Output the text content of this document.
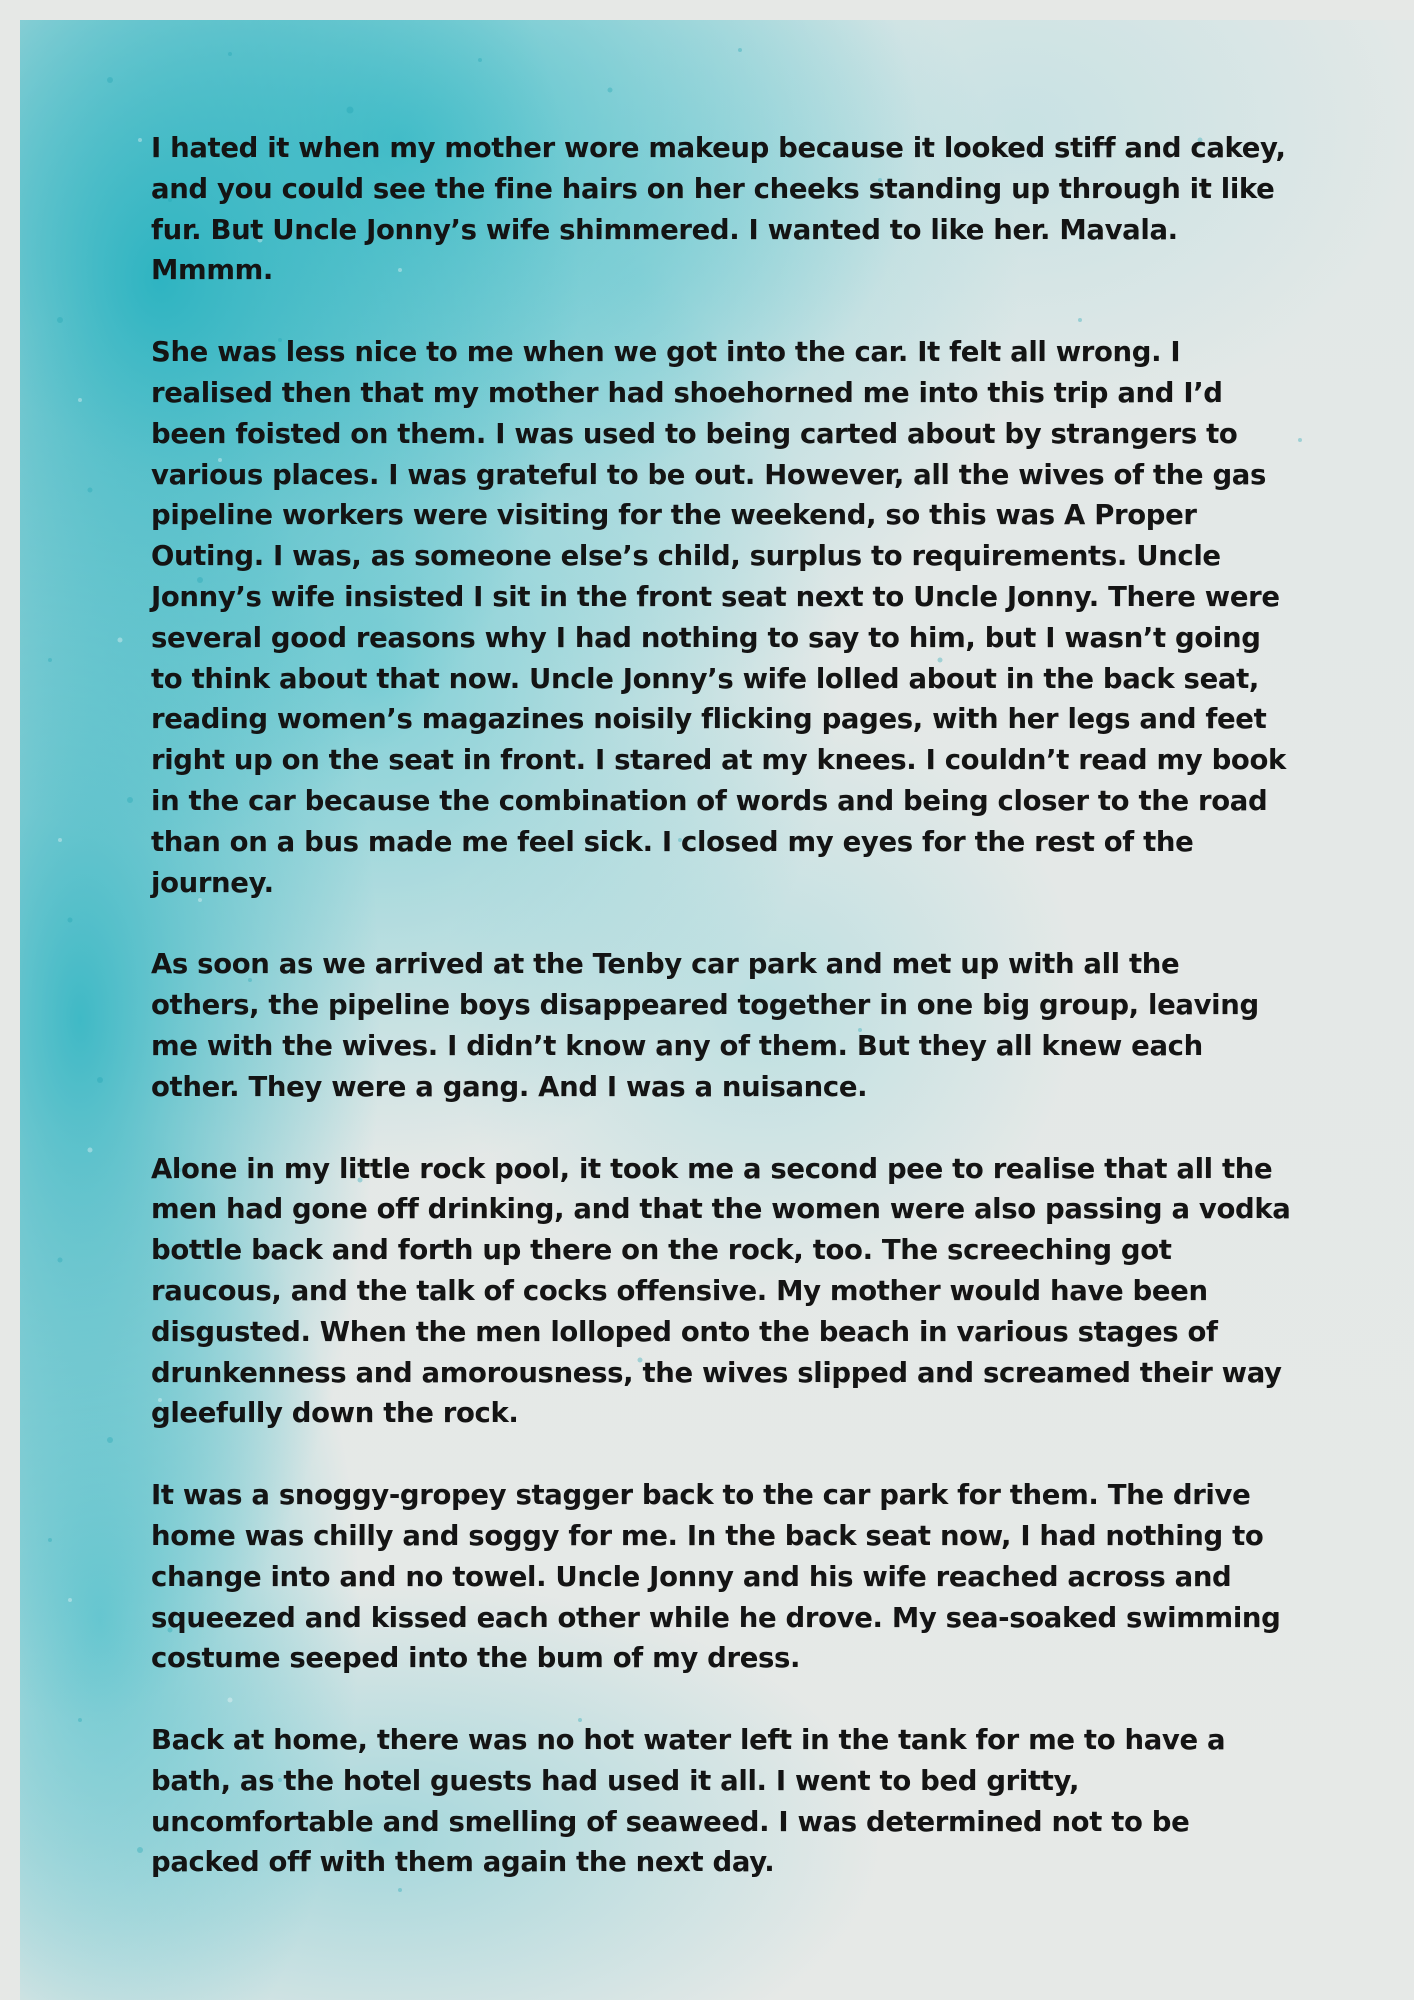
I hated it when my mother wore makeup because it looked stiff and cakey, and you could see the fine hairs on her cheeks standing up through it like fur. But Uncle Jonny’s wife shimmered. I wanted to like her. Mavala. Mmmm.

She was less nice to me when we got into the car. It felt all wrong. I realised then that my mother had shoehorned me into this trip and I’d been foisted on them. I was used to being carted about by strangers to various places. I was grateful to be out. However, all the wives of the gas pipeline workers were visiting for the weekend, so this was A Proper Outing. I was, as someone else’s child, surplus to requirements. Uncle Jonny’s wife insisted I sit in the front seat next to Uncle Jonny. There were several good reasons why I had nothing to say to him, but I wasn’t going to think about that now. Uncle Jonny’s wife lolled about in the back seat, reading women’s magazines noisily flicking pages, with her legs and feet right up on the seat in front. I stared at my knees. I couldn’t read my book in the car because the combination of words and being closer to the road than on a bus made me feel sick. I closed my eyes for the rest of the journey.

As soon as we arrived at the Tenby car park and met up with all the others, the pipeline boys disappeared together in one big group, leaving me with the wives. I didn’t know any of them. But they all knew each other. They were a gang. And I was a nuisance.

Alone in my little rock pool, it took me a second pee to realise that all the men had gone off drinking, and that the women were also passing a vodka bottle back and forth up there on the rock, too. The screeching got raucous, and the talk of cocks offensive. My mother would have been disgusted. When the men lolloped onto the beach in various stages of drunkenness and amorousness, the wives slipped and screamed their way gleefully down the rock.

It was a snoggy-gropey stagger back to the car park for them. The drive home was chilly and soggy for me. In the back seat now, I had nothing to change into and no towel. Uncle Jonny and his wife reached across and squeezed and kissed each other while he drove. My sea-soaked swimming costume seeped into the bum of my dress.

Back at home, there was no hot water left in the tank for me to have a bath, as the hotel guests had used it all. I went to bed gritty, uncomfortable and smelling of seaweed. I was determined not to be packed off with them again the next day.
